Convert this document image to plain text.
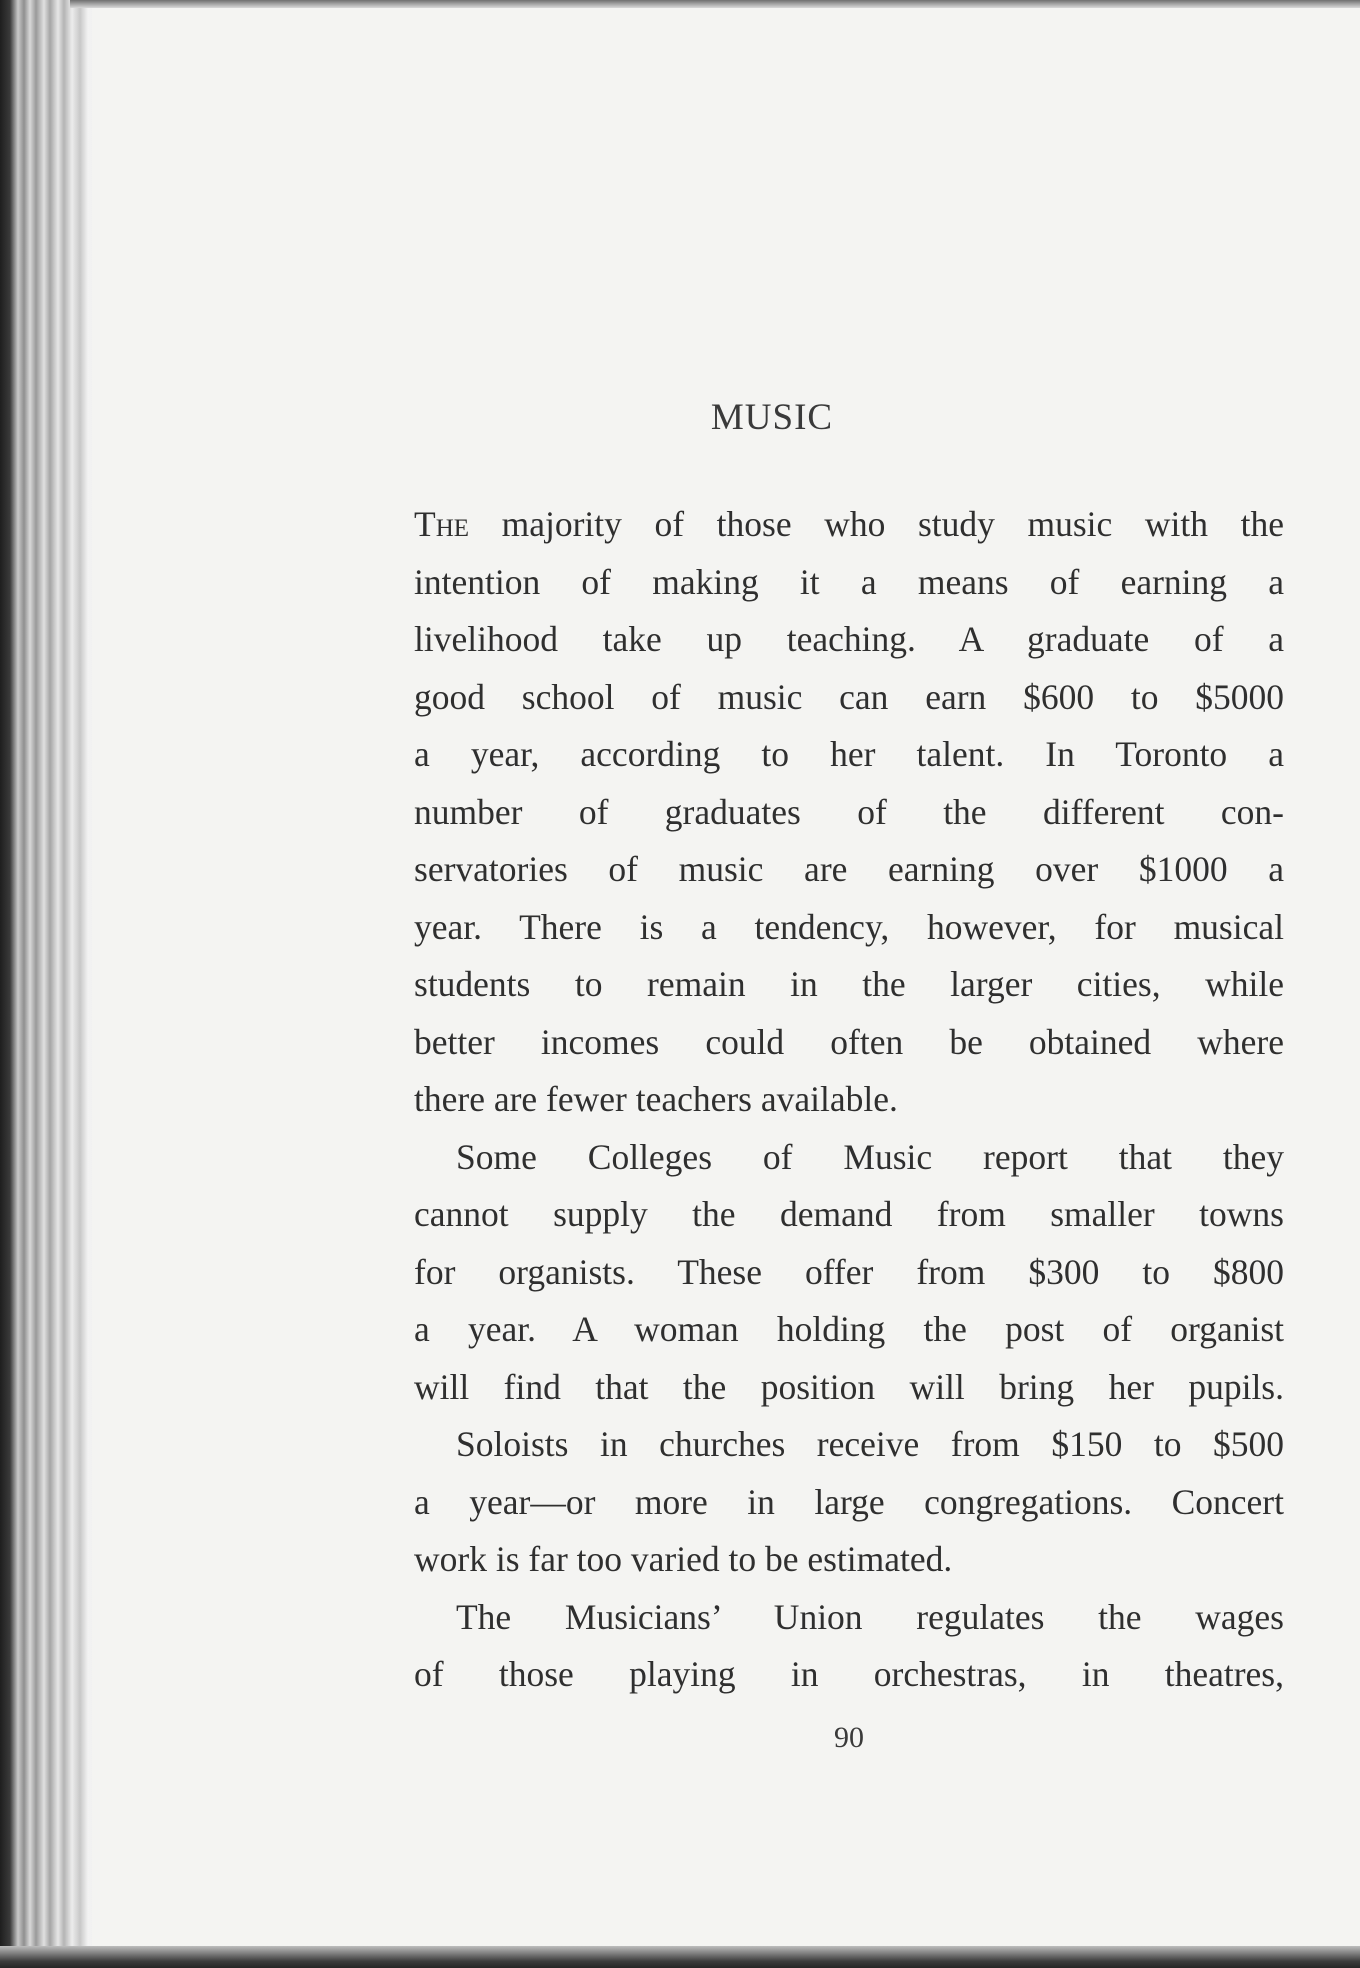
MUSIC

The majority of those who study music with the
intention of making it a means of earning a
livelihood take up teaching. A graduate of a
good school of music can earn $600 to $5000
a year, according to her talent. In Toronto a
number of graduates of the different con-
servatories of music are earning over $1000 a
year. There is a tendency, however, for musical
students to remain in the larger cities, while
better incomes could often be obtained where
there are fewer teachers available.

Some Colleges of Music report that they
cannot supply the demand from smaller towns
for organists. These offer from $300 to $800
a year. A woman holding the post of organist
will find that the position will bring her pupils.

Soloists in churches receive from $150 to $500
a year—or more in large congregations. Concert
work is far too varied to be estimated.

The Musicians’ Union regulates the wages
of those playing in orchestras, in theatres,

90
